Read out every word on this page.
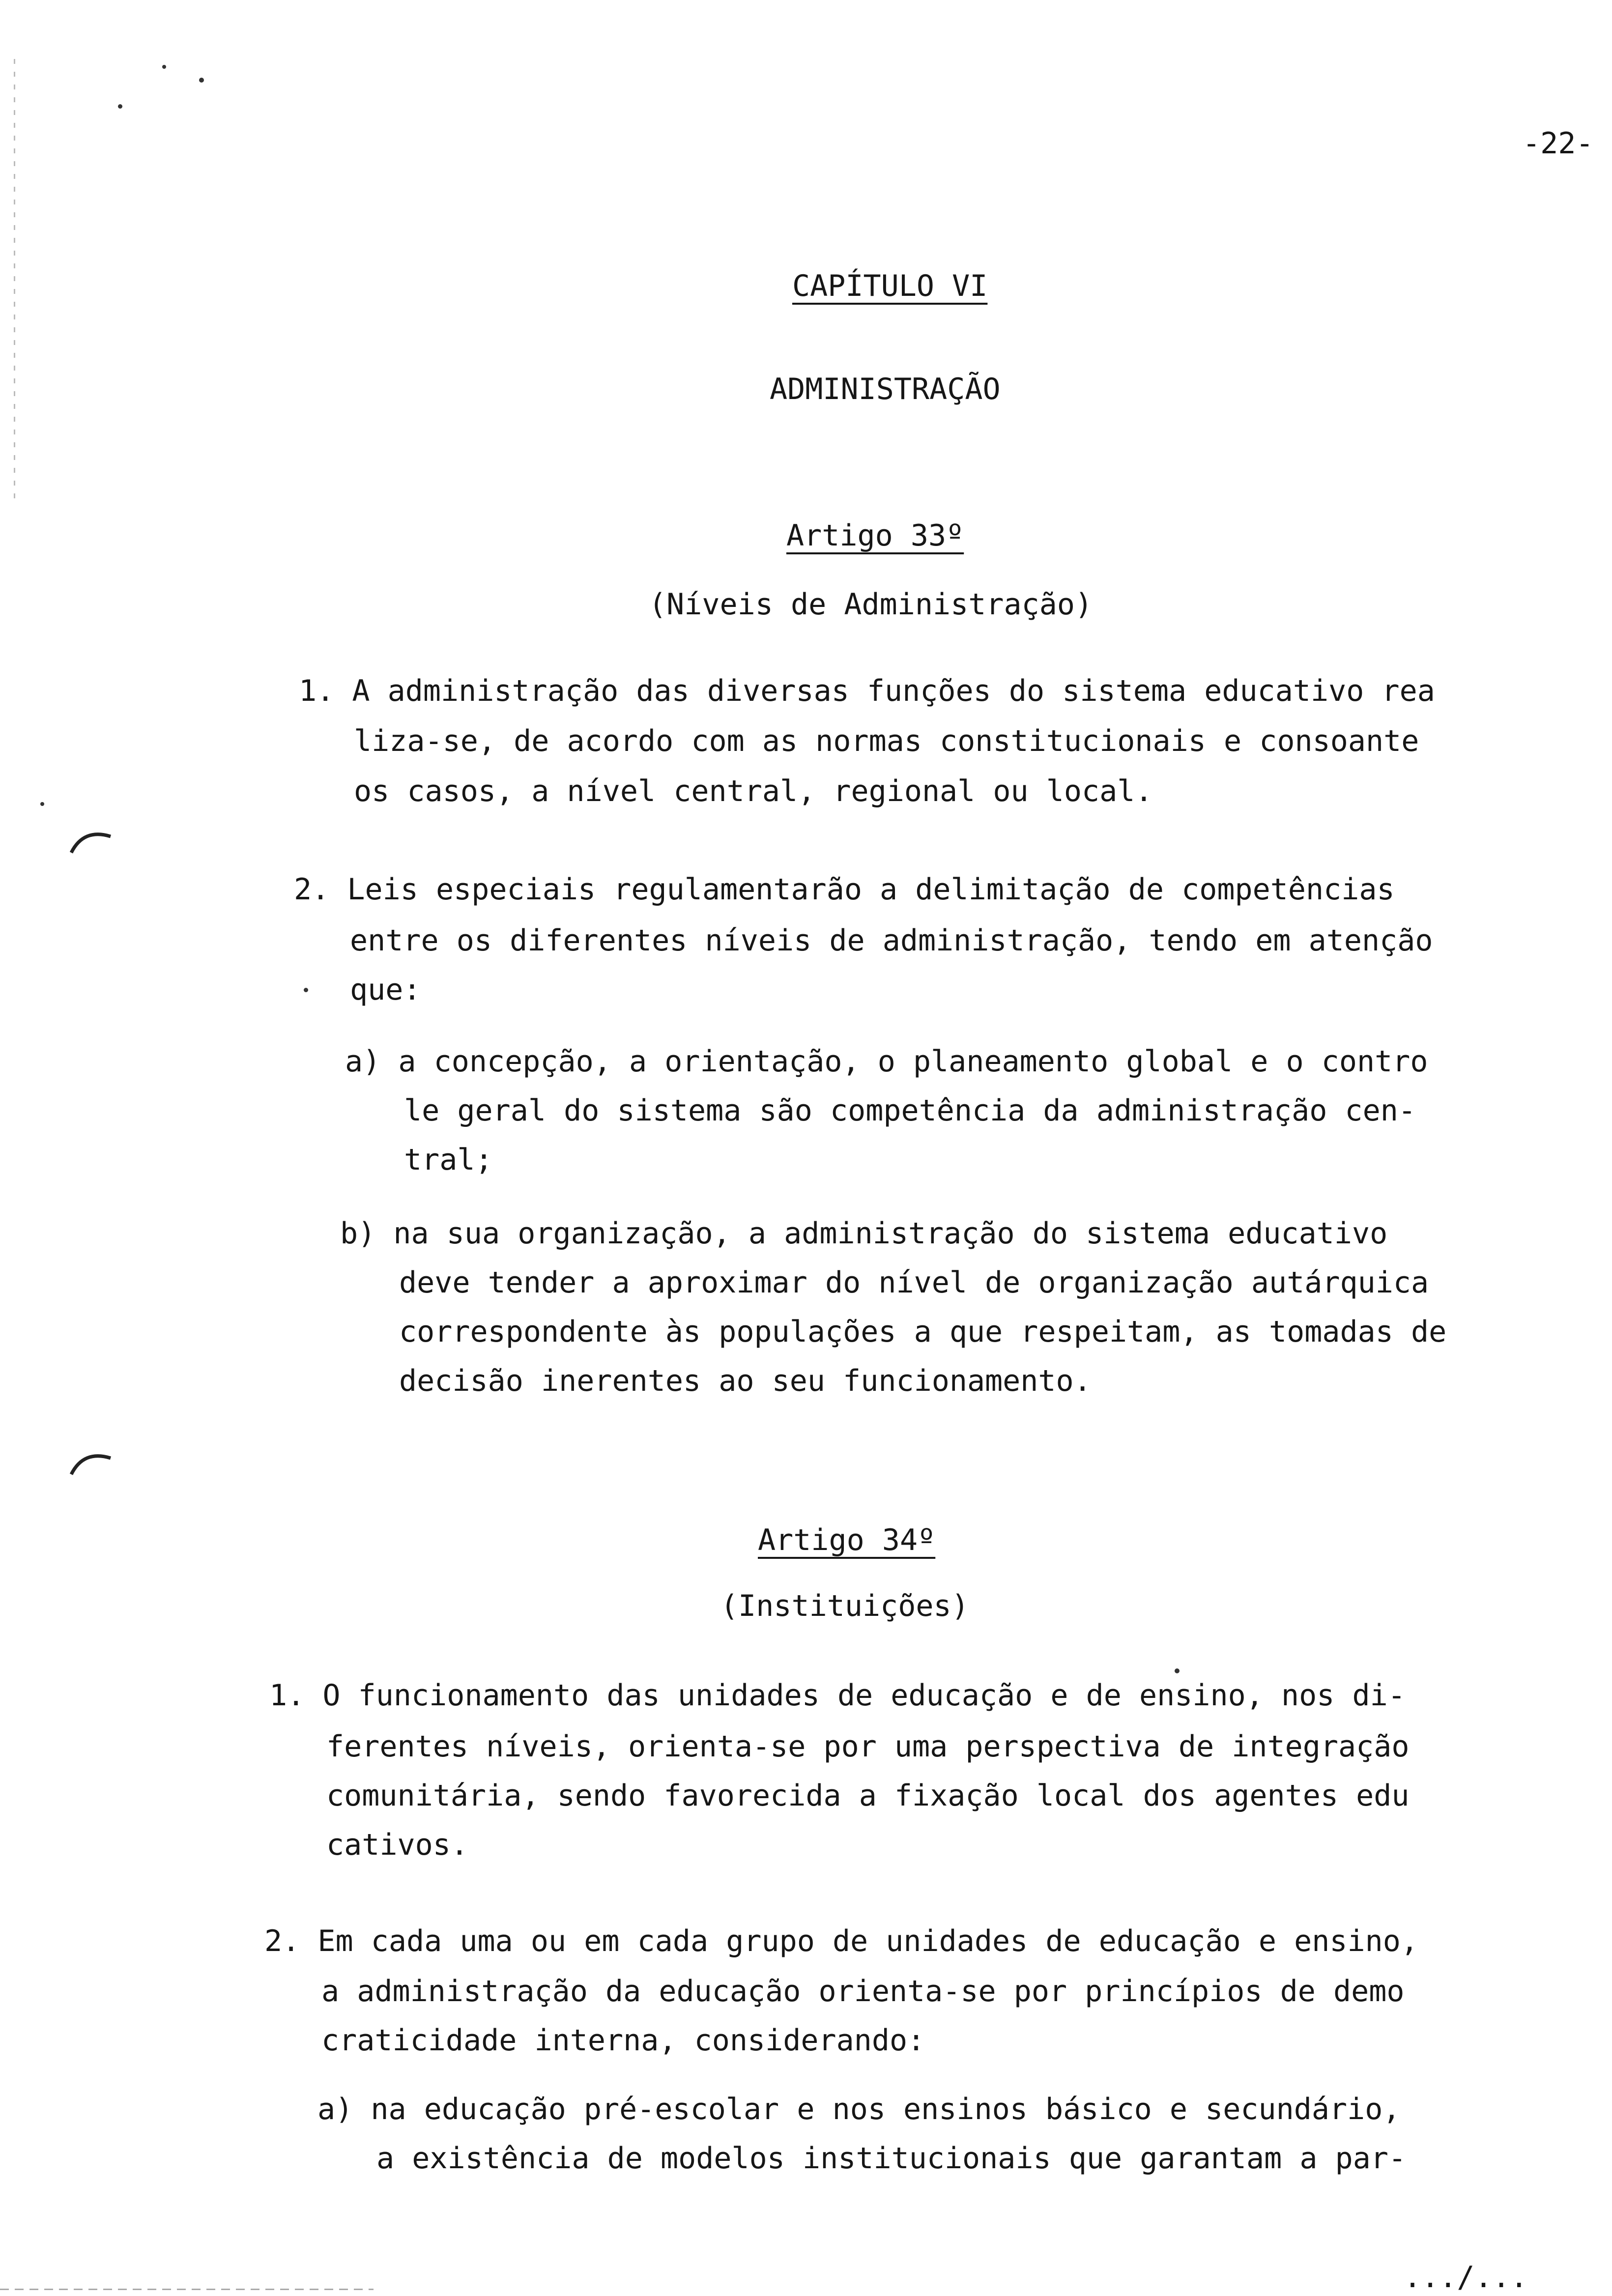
-22-
CAPÍTULO VI
ADMINISTRAÇÃO
Artigo 33º
(Níveis de Administração)
1. A administração das diversas funções do sistema educativo rea
liza-se, de acordo com as normas constitucionais e consoante
os casos, a nível central, regional ou local.
2. Leis especiais regulamentarão a delimitação de competências
entre os diferentes níveis de administração, tendo em atenção
que:
a) a concepção, a orientação, o planeamento global e o contro
le geral do sistema são competência da administração cen-
tral;
b) na sua organização, a administração do sistema educativo
deve tender a aproximar do nível de organização autárquica
correspondente às populações a que respeitam, as tomadas de
decisão inerentes ao seu funcionamento.
Artigo 34º
(Instituições)
1. O funcionamento das unidades de educação e de ensino, nos di-
ferentes níveis, orienta-se por uma perspectiva de integração
comunitária, sendo favorecida a fixação local dos agentes edu
cativos.
2. Em cada uma ou em cada grupo de unidades de educação e ensino,
a administração da educação orienta-se por princípios de demo
craticidade interna, considerando:
a) na educação pré-escolar e nos ensinos básico e secundário,
a existência de modelos institucionais que garantam a par-
.../...
